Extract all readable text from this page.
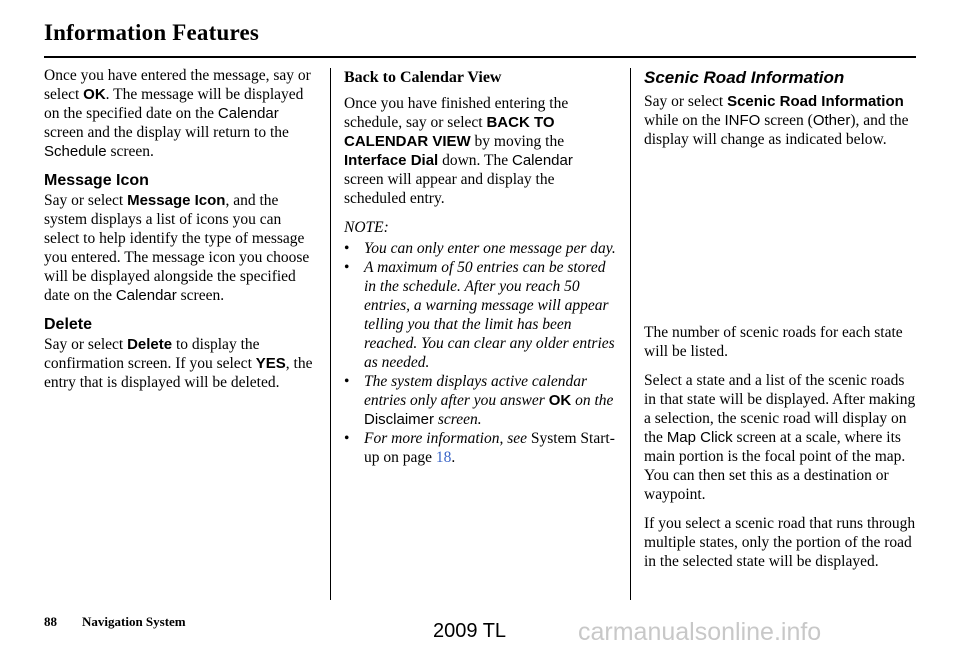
Information Features

Once you have entered the message, say or select OK. The message will be displayed on the specified date on the Calendar screen and the display will return to the Schedule screen.

Message Icon

Say or select Message Icon, and the system displays a list of icons you can select to help identify the type of message you entered. The message icon you choose will be displayed alongside the specified date on the Calendar screen.

Delete

Say or select Delete to display the confirmation screen. If you select YES, the entry that is displayed will be deleted.

Back to Calendar View

Once you have finished entering the schedule, say or select BACK TO CALENDAR VIEW by moving the Interface Dial down. The Calendar screen will appear and display the scheduled entry.

NOTE:
• You can only enter one message per day.
• A maximum of 50 entries can be stored in the schedule. After you reach 50 entries, a warning message will appear telling you that the limit has been reached. You can clear any older entries as needed.
• The system displays active calendar entries only after you answer OK on the Disclaimer screen.
• For more information, see System Start-up on page 18.
Scenic Road Information

Say or select Scenic Road Information while on the INFO screen (Other), and the display will change as indicated below.

The number of scenic roads for each state will be listed.

Select a state and a list of the scenic roads in that state will be displayed. After making a selection, the scenic road will display on the Map Click screen at a scale, where its main portion is the focal point of the map. You can then set this as a destination or waypoint.

If you select a scenic road that runs through multiple states, only the portion of the road in the selected state will be displayed.

88 Navigation System	2009 TL	carmanualsonline.info
